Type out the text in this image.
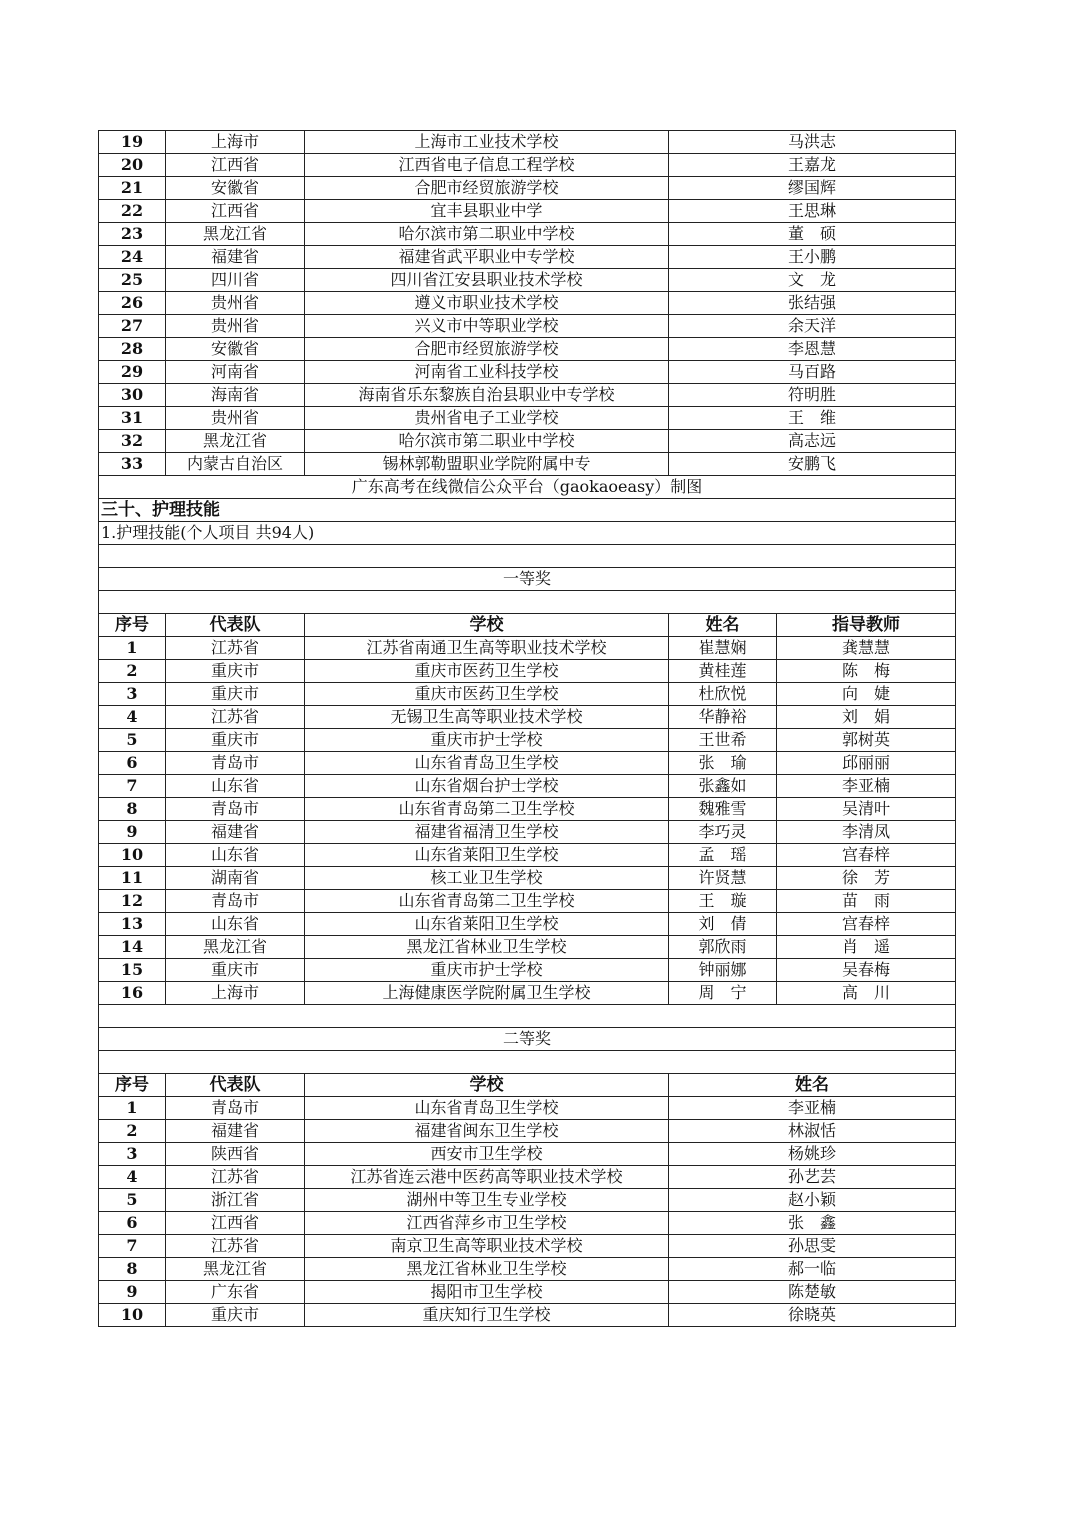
19	上海市	上海市工业技术学校	马洪志	
20	江西省	江西省电子信息工程学校	王嘉龙	
21	安徽省	合肥市经贸旅游学校	缪国辉	
22	江西省	宜丰县职业中学	王思琳	
23	黑龙江省	哈尔滨市第二职业中学校	董　硕	
24	福建省	福建省武平职业中专学校	王小鹏	
25	四川省	四川省江安县职业技术学校	文　龙	
26	贵州省	遵义市职业技术学校	张结强	
27	贵州省	兴义市中等职业学校	余天洋	
28	安徽省	合肥市经贸旅游学校	李恩慧	
29	河南省	河南省工业科技学校	马百路	
30	海南省	海南省乐东黎族自治县职业中专学校	符明胜	
31	贵州省	贵州省电子工业学校	王　维	
32	黑龙江省	哈尔滨市第二职业中学校	高志远	
33	内蒙古自治区	锡林郭勒盟职业学院附属中专	安鹏飞	
广东高考在线微信公众平台（gaokaoeasy）制图				
三十、护理技能				
1.护理技能(个人项目 共94人)				

一等奖				

序号	代表队	学校	姓名	指导教师
1	江苏省	江苏省南通卫生高等职业技术学校	崔慧娴	龚慧慧
2	重庆市	重庆市医药卫生学校	黄桂莲	陈　梅
3	重庆市	重庆市医药卫生学校	杜欣悦	向　婕
4	江苏省	无锡卫生高等职业技术学校	华静裕	刘　娟
5	重庆市	重庆市护士学校	王世希	郭树英
6	青岛市	山东省青岛卫生学校	张　瑜	邱丽丽
7	山东省	山东省烟台护士学校	张鑫如	李亚楠
8	青岛市	山东省青岛第二卫生学校	魏雅雪	吴清叶
9	福建省	福建省福清卫生学校	李巧灵	李清凤
10	山东省	山东省莱阳卫生学校	孟　瑶	宫春梓
11	湖南省	核工业卫生学校	许贤慧	徐　芳
12	青岛市	山东省青岛第二卫生学校	王　璇	苗　雨
13	山东省	山东省莱阳卫生学校	刘　倩	宫春梓
14	黑龙江省	黑龙江省林业卫生学校	郭欣雨	肖　遥
15	重庆市	重庆市护士学校	钟丽娜	吴春梅
16	上海市	上海健康医学院附属卫生学校	周　宁	高　川

二等奖				

序号	代表队	学校	姓名	
1	青岛市	山东省青岛卫生学校	李亚楠	
2	福建省	福建省闽东卫生学校	林淑恬	
3	陕西省	西安市卫生学校	杨姚珍	
4	江苏省	江苏省连云港中医药高等职业技术学校	孙艺芸	
5	浙江省	湖州中等卫生专业学校	赵小颖	
6	江西省	江西省萍乡市卫生学校	张　鑫	
7	江苏省	南京卫生高等职业技术学校	孙思雯	
8	黑龙江省	黑龙江省林业卫生学校	郝一临	
9	广东省	揭阳市卫生学校	陈楚敏	
10	重庆市	重庆知行卫生学校	徐晓英	
